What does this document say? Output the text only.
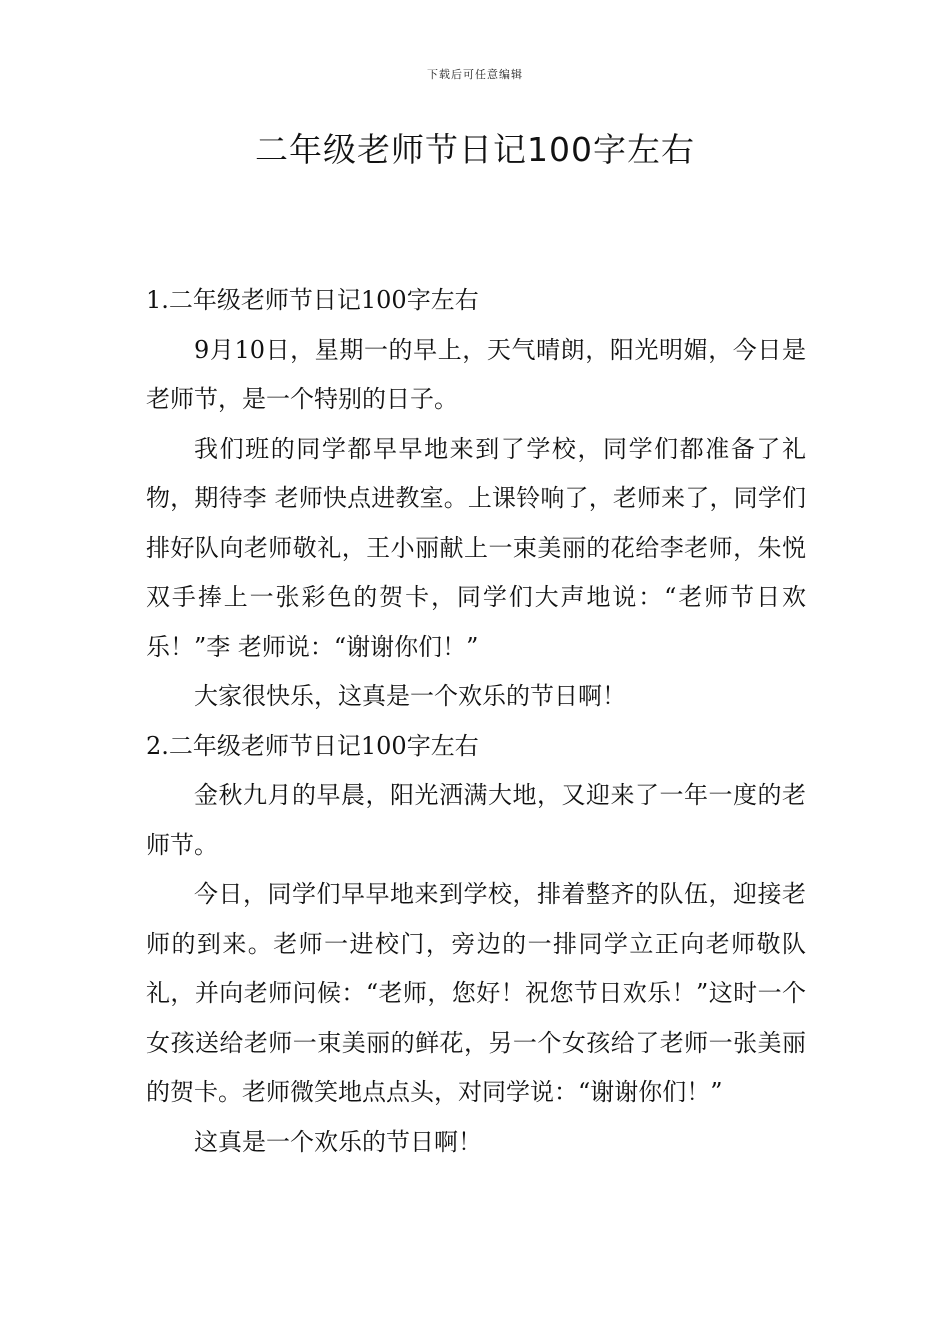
下载后可任意编辑
二年级老师节日记100字左右

1.二年级老师节日记100字左右

9月10日，星期一的早上，天气晴朗，阳光明媚，今日是老师节，是一个特别的日子。

我们班的同学都早早地来到了学校，同学们都准备了礼物，期待李 老师快点进教室。上课铃响了，老师来了，同学们排好队向老师敬礼，王小丽献上一束美丽的花给李老师，朱悦双手捧上一张彩色的贺卡，同学们大声地说：“老师节日欢乐！”李 老师说：“谢谢你们！”

大家很快乐，这真是一个欢乐的节日啊！

2.二年级老师节日记100字左右

金秋九月的早晨，阳光洒满大地，又迎来了一年一度的老师节。

今日，同学们早早地来到学校，排着整齐的队伍，迎接老师的到来。老师一进校门，旁边的一排同学立正向老师敬队礼，并向老师问候：“老师，您好！祝您节日欢乐！”这时一个女孩送给老师一束美丽的鲜花，另一个女孩给了老师一张美丽的贺卡。老师微笑地点点头，对同学说：“谢谢你们！”

这真是一个欢乐的节日啊！
